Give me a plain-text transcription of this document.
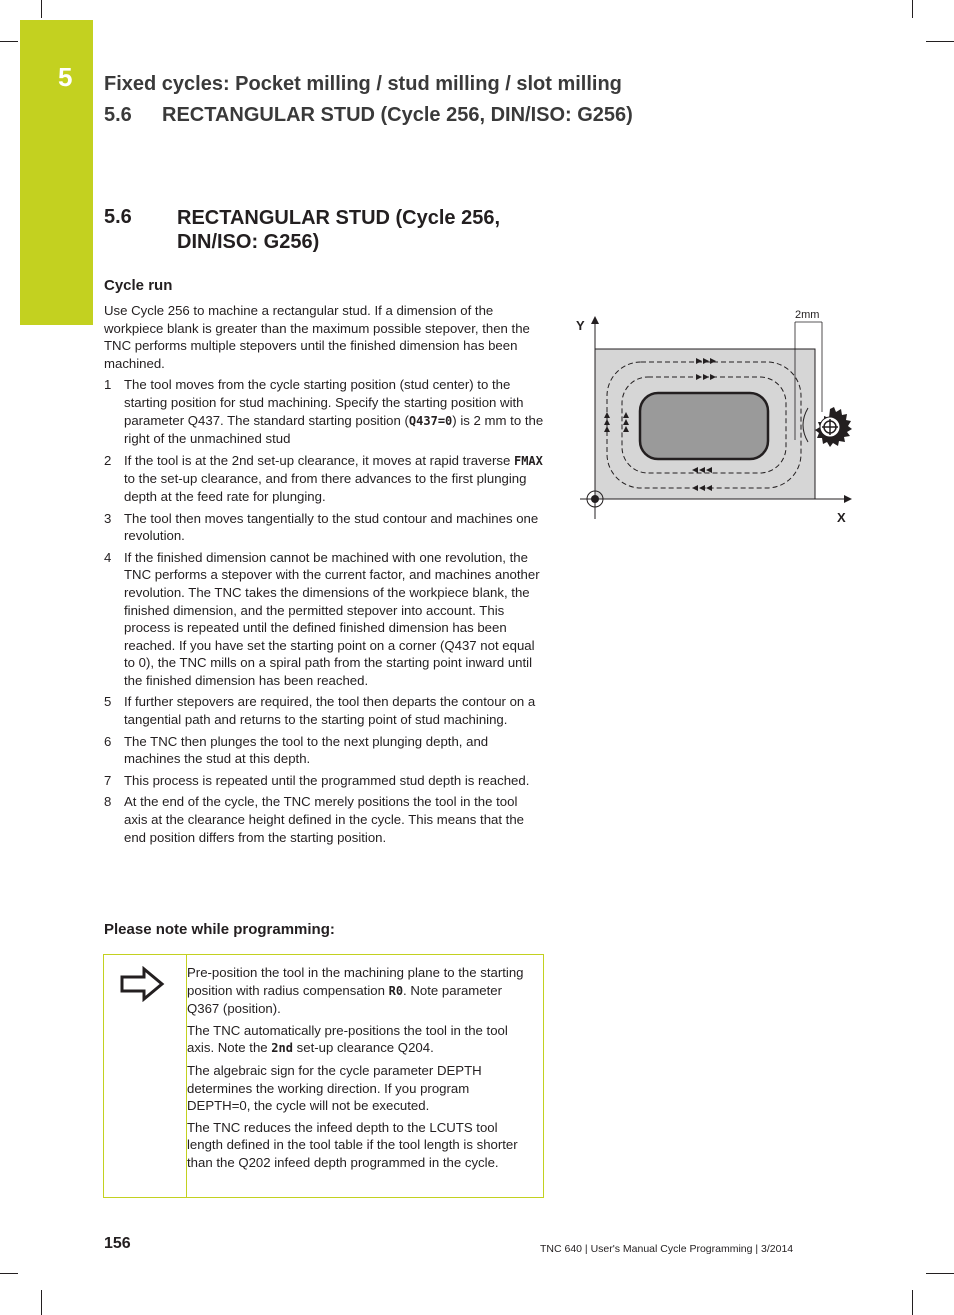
5 Fixed cycles: Pocket milling / stud milling / slot milling
5.6 RECTANGULAR STUD (Cycle 256, DIN/ISO: G256)
5.6 RECTANGULAR STUD (Cycle 256, DIN/ISO: G256)
Cycle run

Use Cycle 256 to machine a rectangular stud. If a dimension of the workpiece blank is greater than the maximum possible stepover, then the TNC performs multiple stepovers until the finished dimension has been machined.

1 The tool moves from the cycle starting position (stud center) to the starting position for stud machining. Specify the starting position with parameter Q437. The standard starting position (Q437=0) is 2 mm to the right of the unmachined stud
2 If the tool is at the 2nd set-up clearance, it moves at rapid traverse FMAX to the set-up clearance, and from there advances to the first plunging depth at the feed rate for plunging.
3 The tool then moves tangentially to the stud contour and machines one revolution.
4 If the finished dimension cannot be machined with one revolution, the TNC performs a stepover with the current factor, and machines another revolution. The TNC takes the dimensions of the workpiece blank, the finished dimension, and the permitted stepover into account. This process is repeated until the defined finished dimension has been reached. If you have set the starting point on a corner (Q437 not equal to 0), the TNC mills on a spiral path from the starting point inward until the finished dimension has been reached.
5 If further stepovers are required, the tool then departs the contour on a tangential path and returns to the starting point of stud machining.
6 The TNC then plunges the tool to the next plunging depth, and machines the stud at this depth.
7 This process is repeated until the programmed stud depth is reached.
8 At the end of the cycle, the TNC merely positions the tool in the tool axis at the clearance height defined in the cycle. This means that the end position differs from the starting position.
Please note while programming:

Pre-position the tool in the machining plane to the starting position with radius compensation R0. Note parameter Q367 (position).

The TNC automatically pre-positions the tool in the tool axis. Note the 2nd set-up clearance Q204.

The algebraic sign for the cycle parameter DEPTH determines the working direction. If you program DEPTH=0, the cycle will not be executed.

The TNC reduces the infeed depth to the LCUTS tool length defined in the tool table if the tool length is shorter than the Q202 infeed depth programmed in the cycle.

2mm
Y
X
156	TNC 640 | User's Manual Cycle Programming | 3/2014
